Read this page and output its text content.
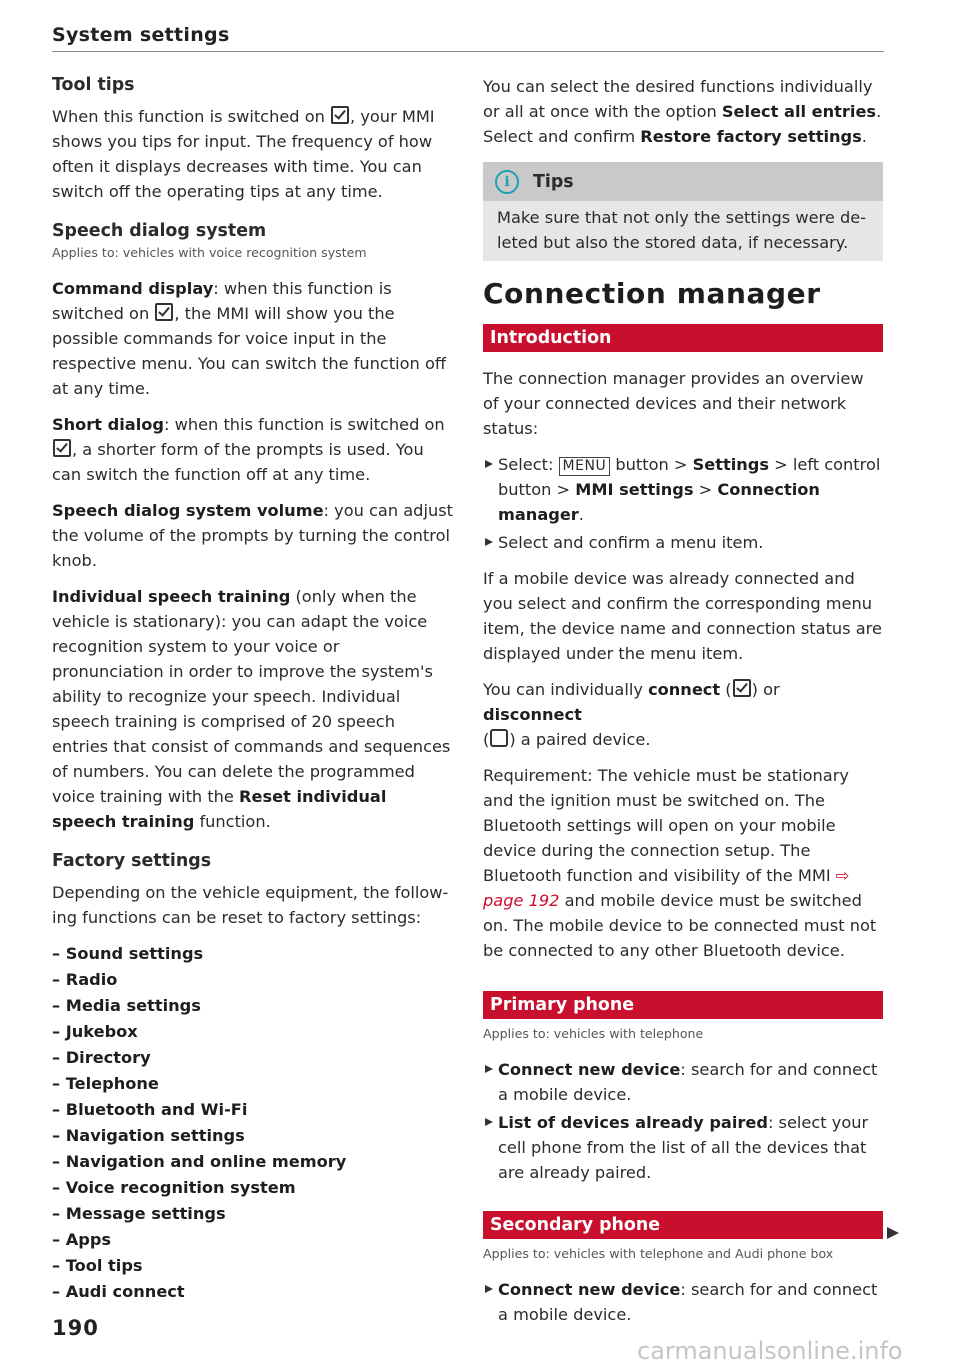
System settings
Tool tips

When this function is switched on , your MMI shows you tips for input. The frequency of how often it displays decreases with time. You can switch off the operating tips at any time.

Speech dialog system
Applies to: vehicles with voice recognition system

Command display: when this function is switched on , the MMI will show you the possible commands for voice input in the respective menu. You can switch the function off at any time.

Short dialog: when this function is switched on , a shorter form of the prompts is used. You can switch the function off at any time.

Speech dialog system volume: you can adjust the volume of the prompts by turning the control knob.

Individual speech training (only when the vehicle is stationary): you can adapt the voice recognition system to your voice or pronunciation in order to improve the system's ability to recognize your speech. Individual speech training is comprised of 20 speech entries that consist of commands and sequences of numbers. You can delete the programmed voice training with the Reset individual speech training function.

Factory settings

Depending on the vehicle equipment, the following functions can be reset to factory settings:

– Sound settings
– Radio
– Media settings
– Jukebox
– Directory
– Telephone
– Bluetooth and Wi-Fi
– Navigation settings
– Navigation and online memory
– Voice recognition system
– Message settings
– Apps
– Tool tips
– Audi connect

You can select the desired functions individually or all at once with the option Select all entries. Select and confirm Restore factory settings.

i	Tips
Make sure that not only the settings were deleted but also the stored data, if necessary.
Connection manager
Introduction

The connection manager provides an overview of your connected devices and their network status:

Select: MENU button > Settings > left control button > MMI settings > Connection manager.
Select and confirm a menu item.

If a mobile device was already connected and you select and confirm the corresponding menu item, the device name and connection status are displayed under the menu item.

You can individually connect ( ) or disconnect
( ) a paired device.

Requirement: The vehicle must be stationary and the ignition must be switched on. The Bluetooth settings will open on your mobile device during the connection setup. The Bluetooth function and visibility of the MMI ⇨ page 192 and mobile device must be switched on. The mobile device to be connected must not be connected to any other Bluetooth device.

Primary phone
Applies to: vehicles with telephone
Connect new device: search for and connect a mobile device.
List of devices already paired: select your cell phone from the list of all the devices that are already paired.
Secondary phone
Applies to: vehicles with telephone and Audi phone box
Connect new device: search for and connect a mobile device.
190
carmanualsonline.info
